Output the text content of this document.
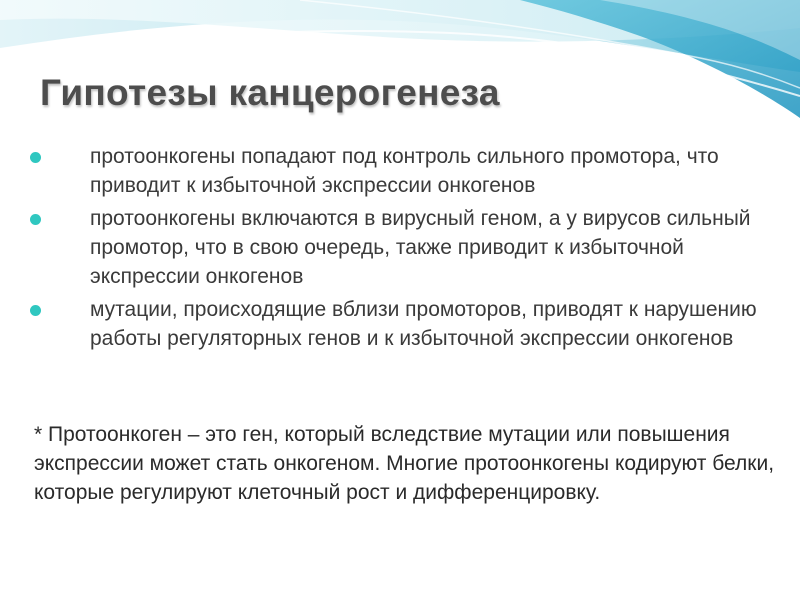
Гипотезы канцерогенеза
протоонкогены попадают под контроль сильного промотора, что приводит к избыточной экспрессии онкогенов
протоонкогены включаются в вирусный геном, а у вирусов сильный промотор, что в свою очередь, также приводит к избыточной экспрессии онкогенов
мутации, происходящие вблизи промоторов, приводят к нарушению работы регуляторных генов и к избыточной экспрессии онкогенов

* Протоонкоген – это ген, который вследствие мутации или повышения экспрессии может стать онкогеном. Многие протоонкогены кодируют белки, которые регулируют клеточный рост и дифференцировку.
